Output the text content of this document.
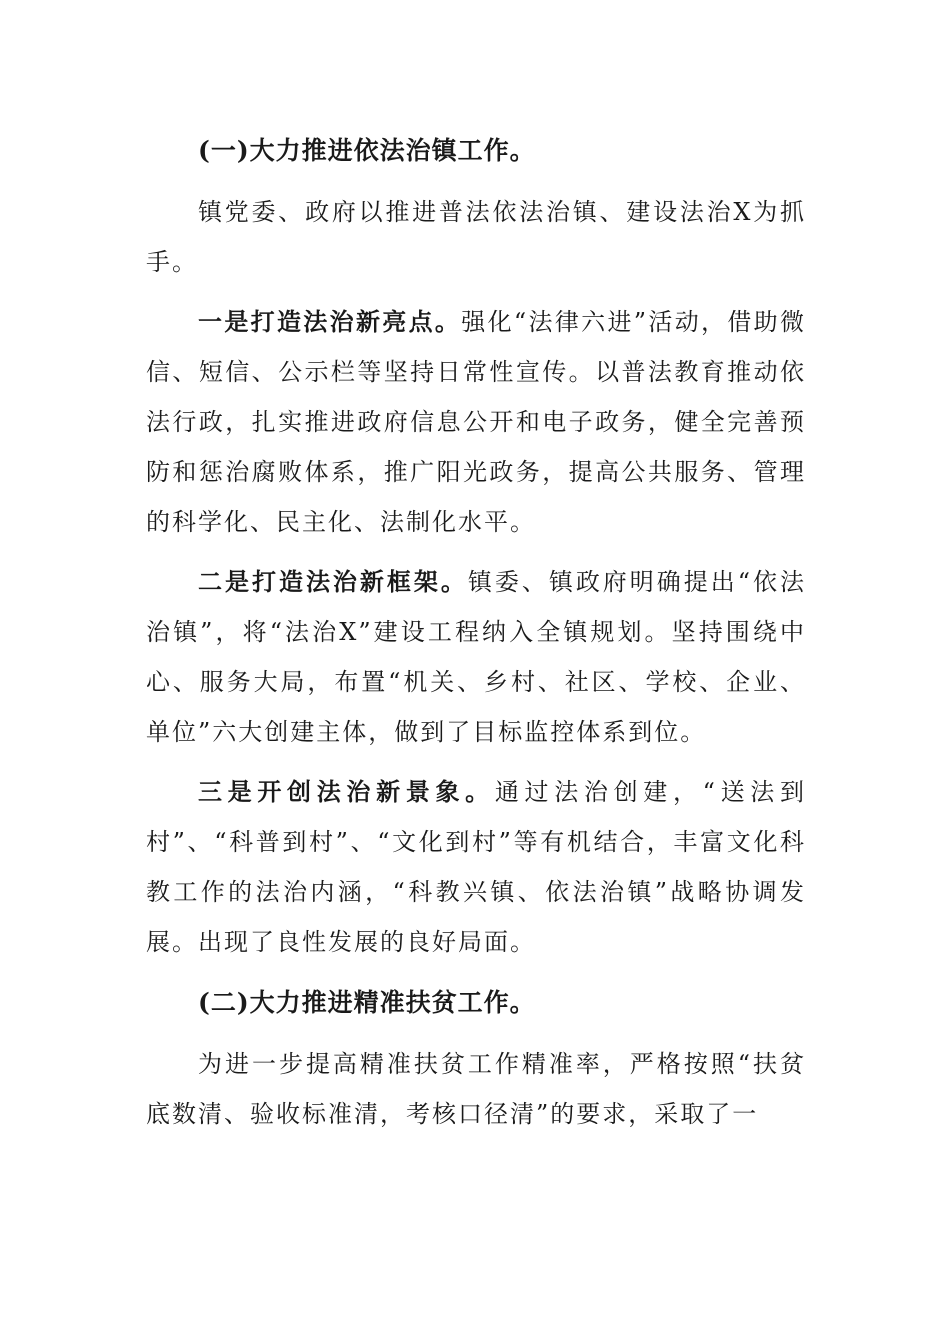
(一)大力推进依法治镇工作。

镇党委、政府以推进普法依法治镇、建设法治X为抓手。

一是打造法治新亮点。强化“法律六进”活动，借助微信、短信、公示栏等坚持日常性宣传。以普法教育推动依法行政，扎实推进政府信息公开和电子政务，健全完善预防和惩治腐败体系，推广阳光政务，提高公共服务、管理的科学化、民主化、法制化水平。

二是打造法治新框架。镇委、镇政府明确提出“依法治镇”，将“法治X”建设工程纳入全镇规划。坚持围绕中心、服务大局，布置“机关、乡村、社区、学校、企业、单位”六大创建主体，做到了目标监控体系到位。

三是开创法治新景象。通过法治创建，“送法到村”、“科普到村”、“文化到村”等有机结合，丰富文化科教工作的法治内涵，“科教兴镇、依法治镇”战略协调发展。出现了良性发展的良好局面。

(二)大力推进精准扶贫工作。

为进一步提高精准扶贫工作精准率，严格按照“扶贫底数清、验收标准清，考核口径清”的要求，采取了一
